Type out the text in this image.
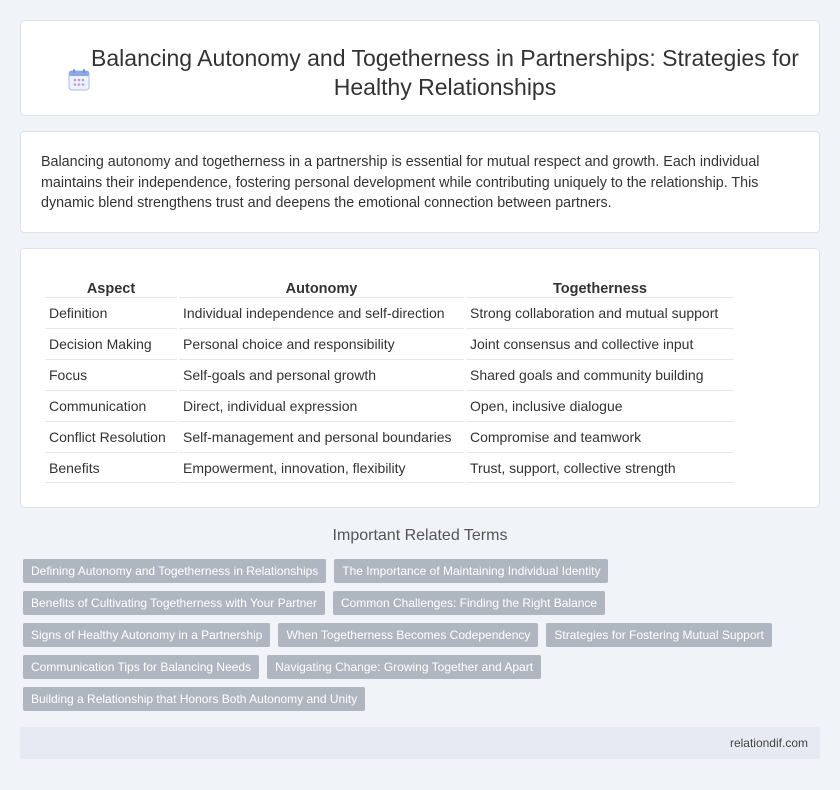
Balancing Autonomy and Togetherness in Partnerships: Strategies for Healthy Relationships

Balancing autonomy and togetherness in a partnership is essential for mutual respect and growth. Each individual maintains their independence, fostering personal development while contributing uniquely to the relationship. This dynamic blend strengthens trust and deepens the emotional connection between partners.

Aspect	Autonomy	Togetherness
Definition	Individual independence and self-direction	Strong collaboration and mutual support
Decision Making	Personal choice and responsibility	Joint consensus and collective input
Focus	Self-goals and personal growth	Shared goals and community building
Communication	Direct, individual expression	Open, inclusive dialogue
Conflict Resolution	Self-management and personal boundaries	Compromise and teamwork
Benefits	Empowerment, innovation, flexibility	Trust, support, collective strength
Important Related Terms
Defining Autonomy and Togetherness in Relationships	The Importance of Maintaining Individual Identity
Benefits of Cultivating Togetherness with Your Partner	Common Challenges: Finding the Right Balance
Signs of Healthy Autonomy in a Partnership	When Togetherness Becomes Codependency	Strategies for Fostering Mutual Support
Communication Tips for Balancing Needs	Navigating Change: Growing Together and Apart
Building a Relationship that Honors Both Autonomy and Unity
relationdif.com
